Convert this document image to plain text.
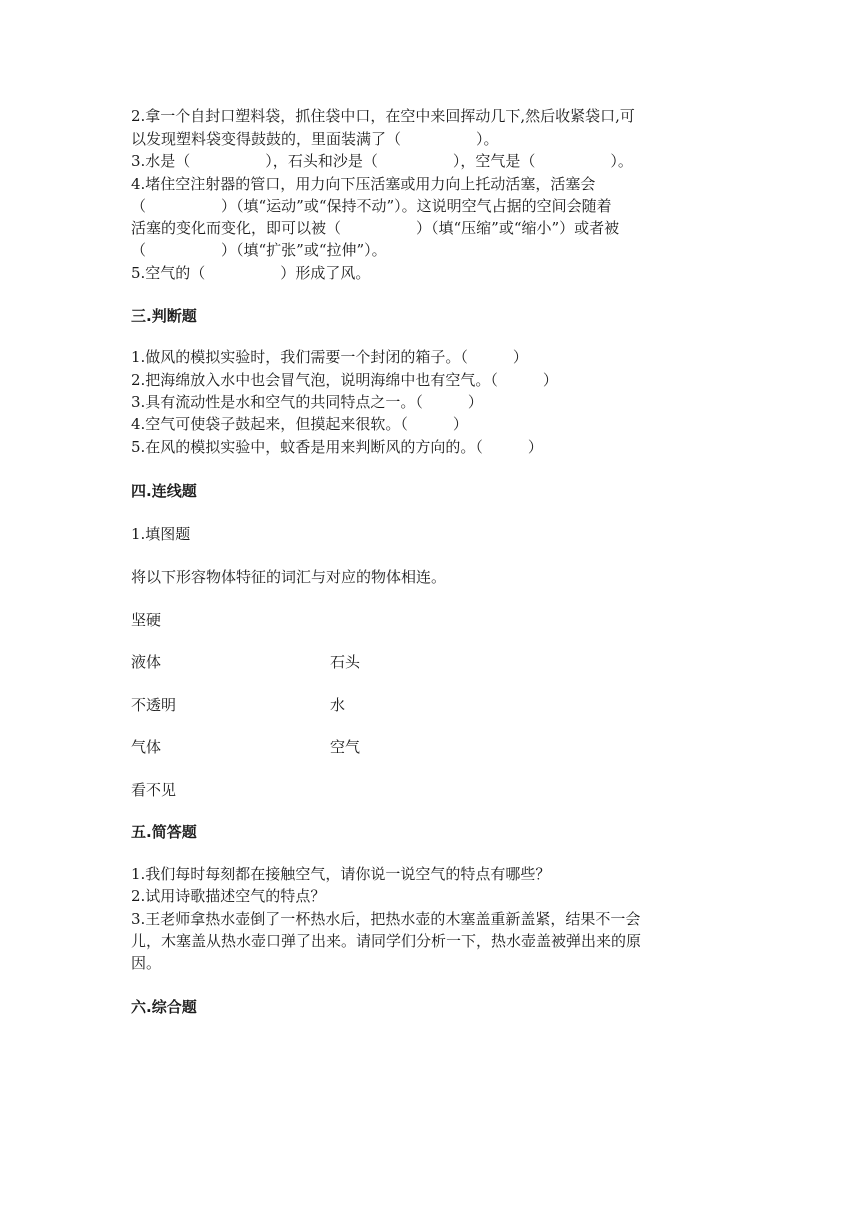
2.拿一个自封口塑料袋，抓住袋中口，在空中来回挥动几下,然后收紧袋口,可
以发现塑料袋变得鼓鼓的，里面装满了（　　　　　）。
3.水是（　　　　　），石头和沙是（　　　　　），空气是（　　　　　）。
4.堵住空注射器的管口，用力向下压活塞或用力向上托动活塞，活塞会
（　　　　　）（填“运动”或“保持不动”）。这说明空气占据的空间会随着
活塞的变化而变化，即可以被（　　　　　）（填“压缩”或“缩小”）或者被
（　　　　　）（填“扩张”或“拉伸”）。
5.空气的（　　　　　）形成了风。
三.判断题
1.做风的模拟实验时，我们需要一个封闭的箱子。（　　　）
2.把海绵放入水中也会冒气泡，说明海绵中也有空气。（　　　）
3.具有流动性是水和空气的共同特点之一。（　　　）
4.空气可使袋子鼓起来，但摸起来很软。（　　　）
5.在风的模拟实验中，蚊香是用来判断风的方向的。（　　　）
四.连线题
1.填图题
将以下形容物体特征的词汇与对应的物体相连。
坚硬
液体	石头
不透明	水
气体	空气
看不见
五.简答题
1.我们每时每刻都在接触空气，请你说一说空气的特点有哪些？
2.试用诗歌描述空气的特点？
3.王老师拿热水壶倒了一杯热水后，把热水壶的木塞盖重新盖紧，结果不一会
儿，木塞盖从热水壶口弹了出来。请同学们分析一下，热水壶盖被弹出来的原
因。
六.综合题
